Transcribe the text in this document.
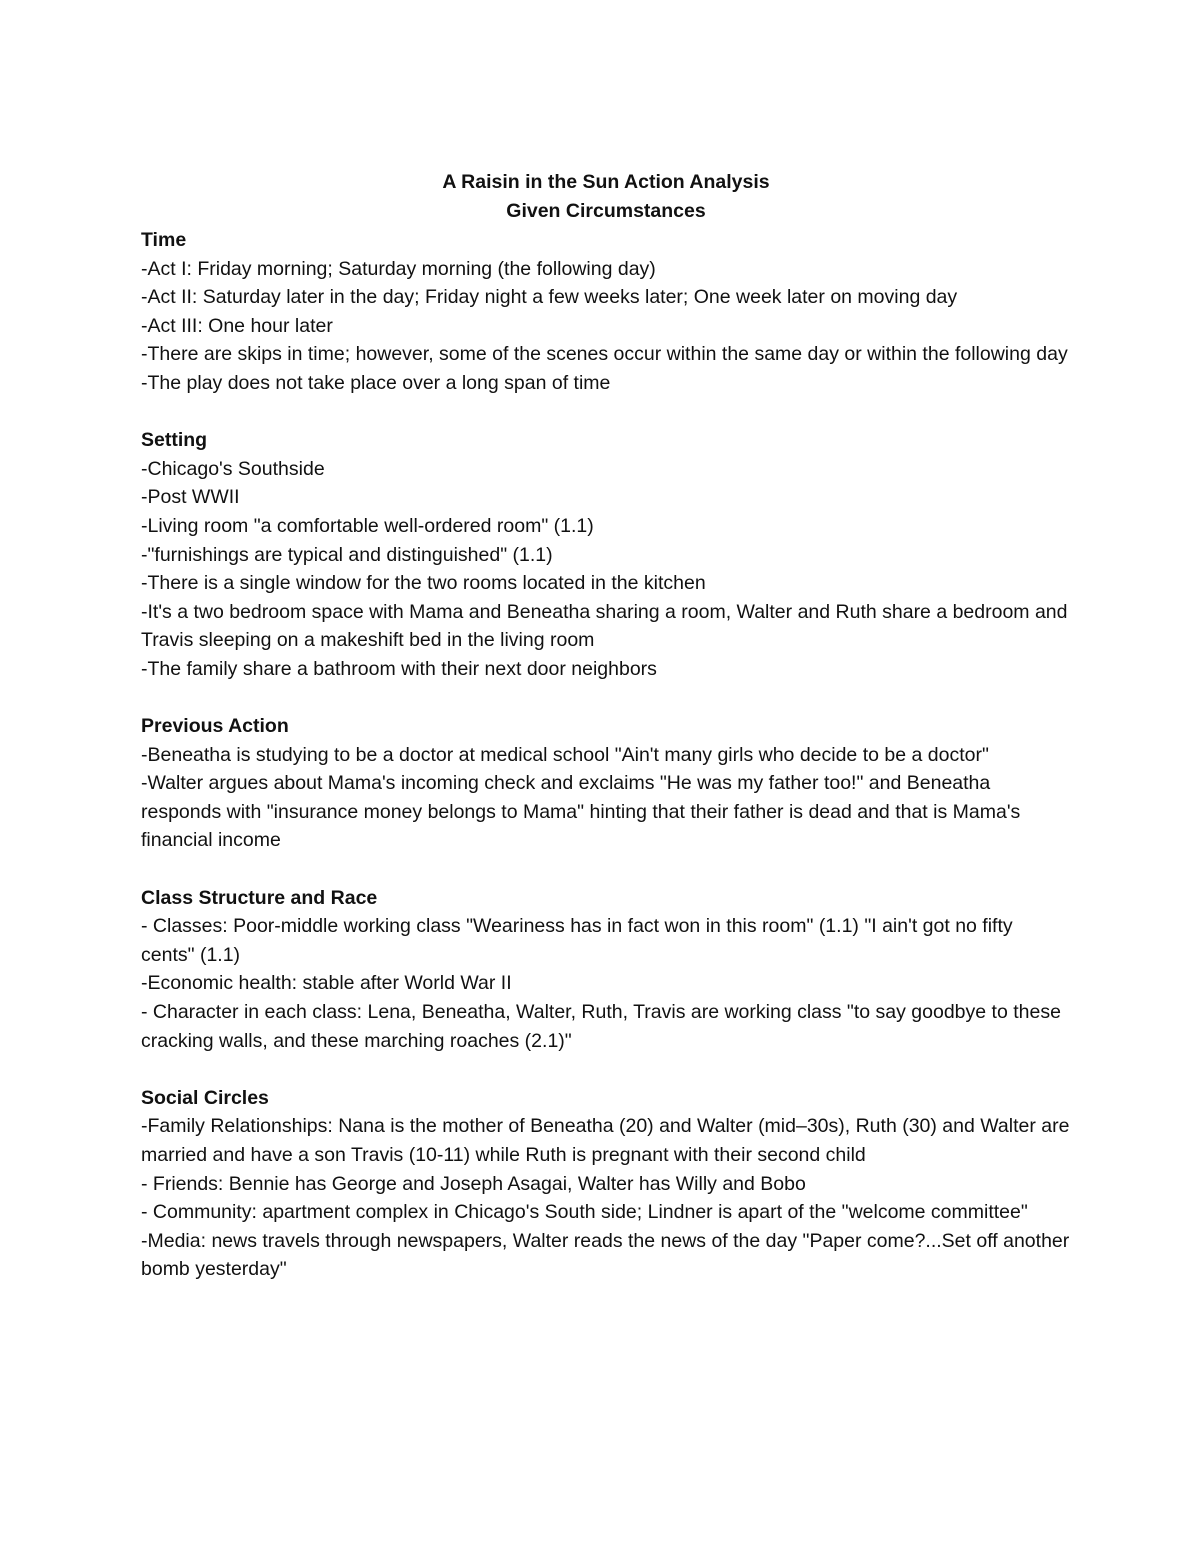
A Raisin in the Sun Action Analysis

Given Circumstances

Time

-Act I: Friday morning; Saturday morning (the following day)

-Act II: Saturday later in the day; Friday night a few weeks later; One week later on moving day

-Act III: One hour later

-There are skips in time; however, some of the scenes occur within the same day or within the following day

-The play does not take place over a long span of time

Setting

-Chicago's Southside

-Post WWII

-Living room "a comfortable well-ordered room" (1.1)

-"furnishings are typical and distinguished" (1.1)

-There is a single window for the two rooms located in the kitchen

-It's a two bedroom space with Mama and Beneatha sharing a room, Walter and Ruth share a bedroom and Travis sleeping on a makeshift bed in the living room

-The family share a bathroom with their next door neighbors

Previous Action

-Beneatha is studying to be a doctor at medical school "Ain't many girls who decide to be a doctor"

-Walter argues about Mama's incoming check and exclaims "He was my father too!" and Beneatha responds with "insurance money belongs to Mama" hinting that their father is dead and that is Mama's financial income

Class Structure and Race

- Classes: Poor-middle working class "Weariness has in fact won in this room" (1.1) "I ain't got no fifty cents" (1.1)

-Economic health: stable after World War II

- Character in each class: Lena, Beneatha, Walter, Ruth, Travis are working class "to say goodbye to these cracking walls, and these marching roaches (2.1)"

Social Circles

-Family Relationships: Nana is the mother of Beneatha (20) and Walter (mid–30s), Ruth (30) and Walter are married and have a son Travis (10-11) while Ruth is pregnant with their second child

- Friends: Bennie has George and Joseph Asagai, Walter has Willy and Bobo

- Community: apartment complex in Chicago's South side; Lindner is apart of the "welcome committee"

-Media: news travels through newspapers, Walter reads the news of the day "Paper come?...Set off another bomb yesterday"
